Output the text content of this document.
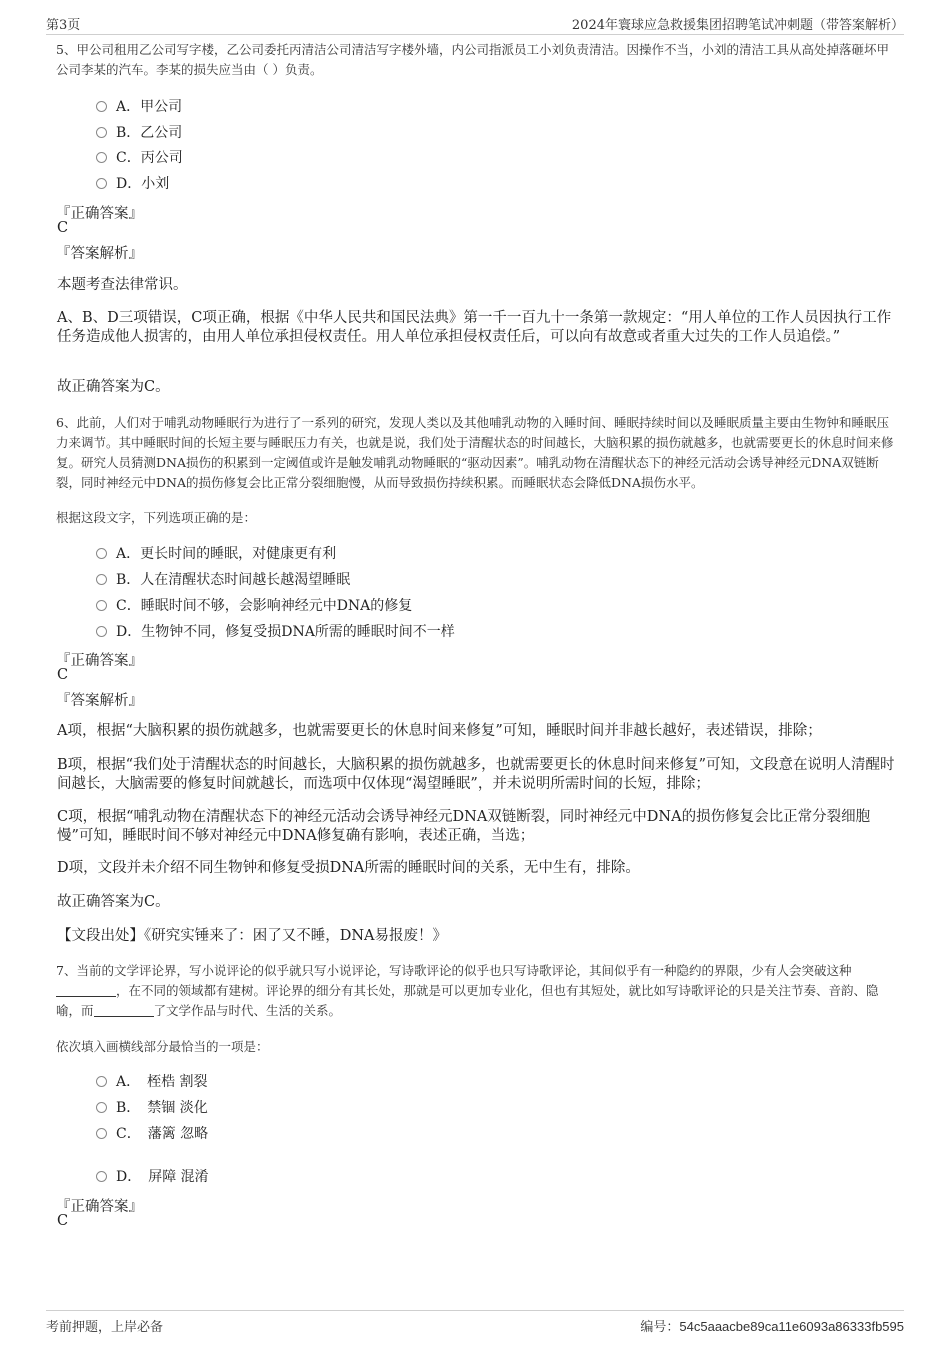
第3页	2024年寰球应急救援集团招聘笔试冲刺题（带答案解析）
5、甲公司租用乙公司写字楼，乙公司委托丙清洁公司清洁写字楼外墙，内公司指派员工小刘负责清洁。因操作不当，小刘的清洁工具从高处掉落砸坏甲公司李某的汽车。李某的损失应当由（ ）负责。
A．甲公司
B．乙公司
C．丙公司
D．小刘
『正确答案』
C
『答案解析』
本题考查法律常识。
A、B、D三项错误，C项正确，根据《中华人民共和国民法典》第一千一百九十一条第一款规定：“用人单位的工作人员因执行工作任务造成他人损害的，由用人单位承担侵权责任。用人单位承担侵权责任后，可以向有故意或者重大过失的工作人员追偿。”
故正确答案为C。
6、此前，人们对于哺乳动物睡眠行为进行了一系列的研究，发现人类以及其他哺乳动物的入睡时间、睡眠持续时间以及睡眠质量主要由生物钟和睡眠压力来调节。其中睡眠时间的长短主要与睡眠压力有关，也就是说，我们处于清醒状态的时间越长，大脑积累的损伤就越多，也就需要更长的休息时间来修复。研究人员猜测DNA损伤的积累到一定阈值或许是触发哺乳动物睡眠的“驱动因素”。哺乳动物在清醒状态下的神经元活动会诱导神经元DNA双链断裂，同时神经元中DNA的损伤修复会比正常分裂细胞慢，从而导致损伤持续积累。而睡眠状态会降低DNA损伤水平。
根据这段文字，下列选项正确的是：
A．更长时间的睡眠，对健康更有利
B．人在清醒状态时间越长越渴望睡眠
C．睡眠时间不够，会影响神经元中DNA的修复
D．生物钟不同，修复受损DNA所需的睡眠时间不一样
『正确答案』
C
『答案解析』
A项，根据“大脑积累的损伤就越多，也就需要更长的休息时间来修复”可知，睡眠时间并非越长越好，表述错误，排除；
B项，根据“我们处于清醒状态的时间越长，大脑积累的损伤就越多，也就需要更长的休息时间来修复”可知，文段意在说明人清醒时间越长，大脑需要的修复时间就越长，而选项中仅体现“渴望睡眠”，并未说明所需时间的长短，排除；
C项，根据“哺乳动物在清醒状态下的神经元活动会诱导神经元DNA双链断裂，同时神经元中DNA的损伤修复会比正常分裂细胞慢”可知，睡眠时间不够对神经元中DNA修复确有影响，表述正确，当选；
D项，文段并未介绍不同生物钟和修复受损DNA所需的睡眠时间的关系，无中生有，排除。
故正确答案为C。
【文段出处】《研究实锤来了：困了又不睡，DNA易报废！》
7、当前的文学评论界，写小说评论的似乎就只写小说评论，写诗歌评论的似乎也只写诗歌评论，其间似乎有一种隐约的界限，少有人会突破这种，在不同的领域都有建树。评论界的细分有其长处，那就是可以更加专业化，但也有其短处，就比如写诗歌评论的只是关注节奏、音韵、隐喻，而	了文学作品与时代、生活的关系。
依次填入画横线部分最恰当的一项是：
A．　桎梏 割裂
B．　禁锢 淡化
C．　藩篱 忽略
D．　屏障 混淆
『正确答案』
C
考前押题，上岸必备	编号：54c5aaacbe89ca11e6093a86333fb595
